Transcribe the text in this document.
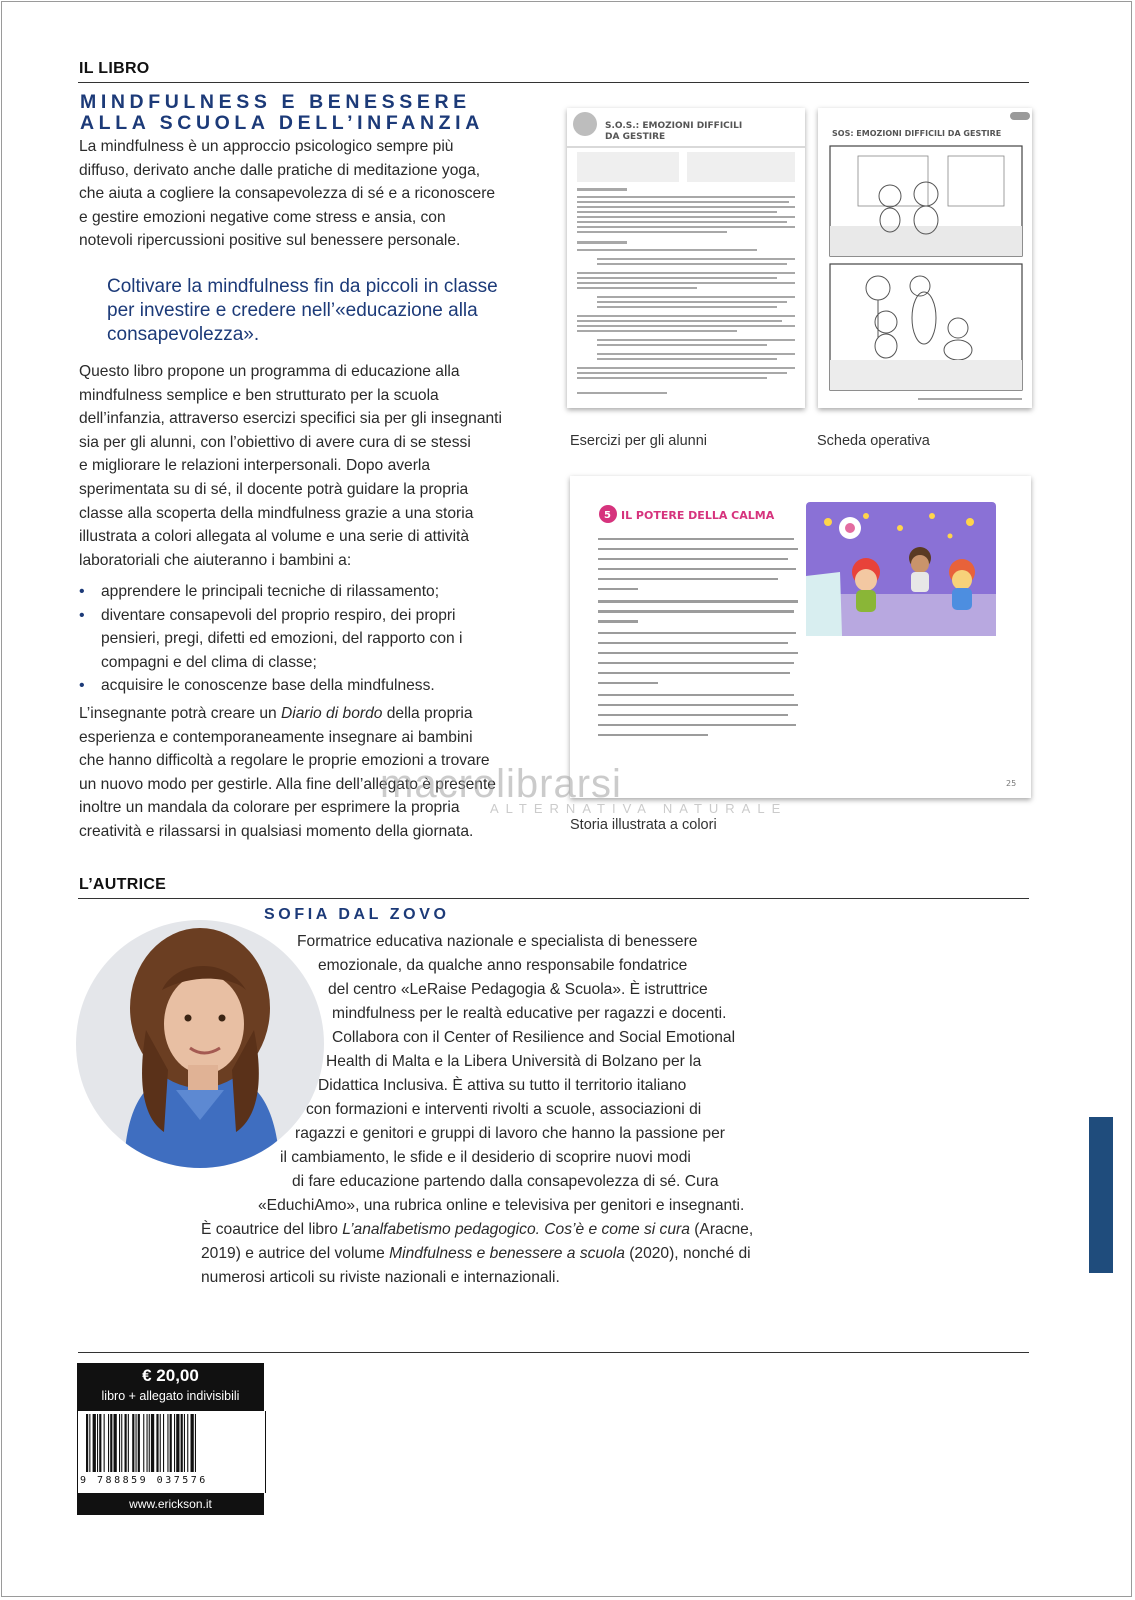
IL LIBRO
MINDFULNESS E BENESSERE
ALLA SCUOLA DELL’INFANZIA

La mindfulness è un approccio psicologico sempre più
diffuso, derivato anche dalle pratiche di meditazione yoga,
che aiuta a cogliere la consapevolezza di sé e a riconoscere
e gestire emozioni negative come stress e ansia, con
notevoli ripercussioni positive sul benessere personale.

Coltivare la mindfulness fin da piccoli in classe
per investire e credere nell’«educazione alla
consapevolezza».

Questo libro propone un programma di educazione alla
mindfulness semplice e ben strutturato per la scuola
dell’infanzia, attraverso esercizi specifici sia per gli insegnanti
sia per gli alunni, con l’obiettivo di avere cura di se stessi
e migliorare le relazioni interpersonali. Dopo averla
sperimentata su di sé, il docente potrà guidare la propria
classe alla scoperta della mindfulness grazie a una storia
illustrata a colori allegata al volume e una serie di attività
laboratoriali che aiuteranno i bambini a:

• apprendere le principali tecniche di rilassamento;
• diventare consapevoli del proprio respiro, dei propri
pensieri, pregi, difetti ed emozioni, del rapporto con i
compagni e del clima di classe;
• acquisire le conoscenze base della mindfulness.

L’insegnante potrà creare un Diario di bordo della propria
esperienza e contemporaneamente insegnare ai bambini
che hanno difficoltà a regolare le proprie emozioni a trovare
un nuovo modo per gestirle. Alla fine dell’allegato è presente
inoltre un mandala da colorare per esprimere la propria
creatività e rilassarsi in qualsiasi momento della giornata.

S.O.S.: EMOZIONI DIFFICILI
DA GESTIRE
Esercizi per gli alunni
SOS: EMOZIONI DIFFICILI DA GESTIRE
Scheda operativa
5 IL POTERE DELLA CALMA
25
Storia illustrata a colori
macrolibrarsi
ALTERNATIVA NATURALE
L’AUTRICE
SOFIA DAL ZOVO
Formatrice educativa nazionale e specialista di benessere
emozionale, da qualche anno responsabile fondatrice
del centro «LeRaise Pedagogia & Scuola». È istruttrice
mindfulness per le realtà educative per ragazzi e docenti.
Collabora con il Center of Resilience and Social Emotional
Health di Malta e la Libera Università di Bolzano per la
Didattica Inclusiva. È attiva su tutto il territorio italiano
con formazioni e interventi rivolti a scuole, associazioni di
ragazzi e genitori e gruppi di lavoro che hanno la passione per
il cambiamento, le sfide e il desiderio di scoprire nuovi modi
di fare educazione partendo dalla consapevolezza di sé. Cura
«EduchiAmo», una rubrica online e televisiva per genitori e insegnanti.
È coautrice del libro L’analfabetismo pedagogico. Cos’è e come si cura (Aracne,
2019) e autrice del volume Mindfulness e benessere a scuola (2020), nonché di
numerosi articoli su riviste nazionali e internazionali.
€ 20,00
libro + allegato indivisibili
9 788859 037576
www.erickson.it
